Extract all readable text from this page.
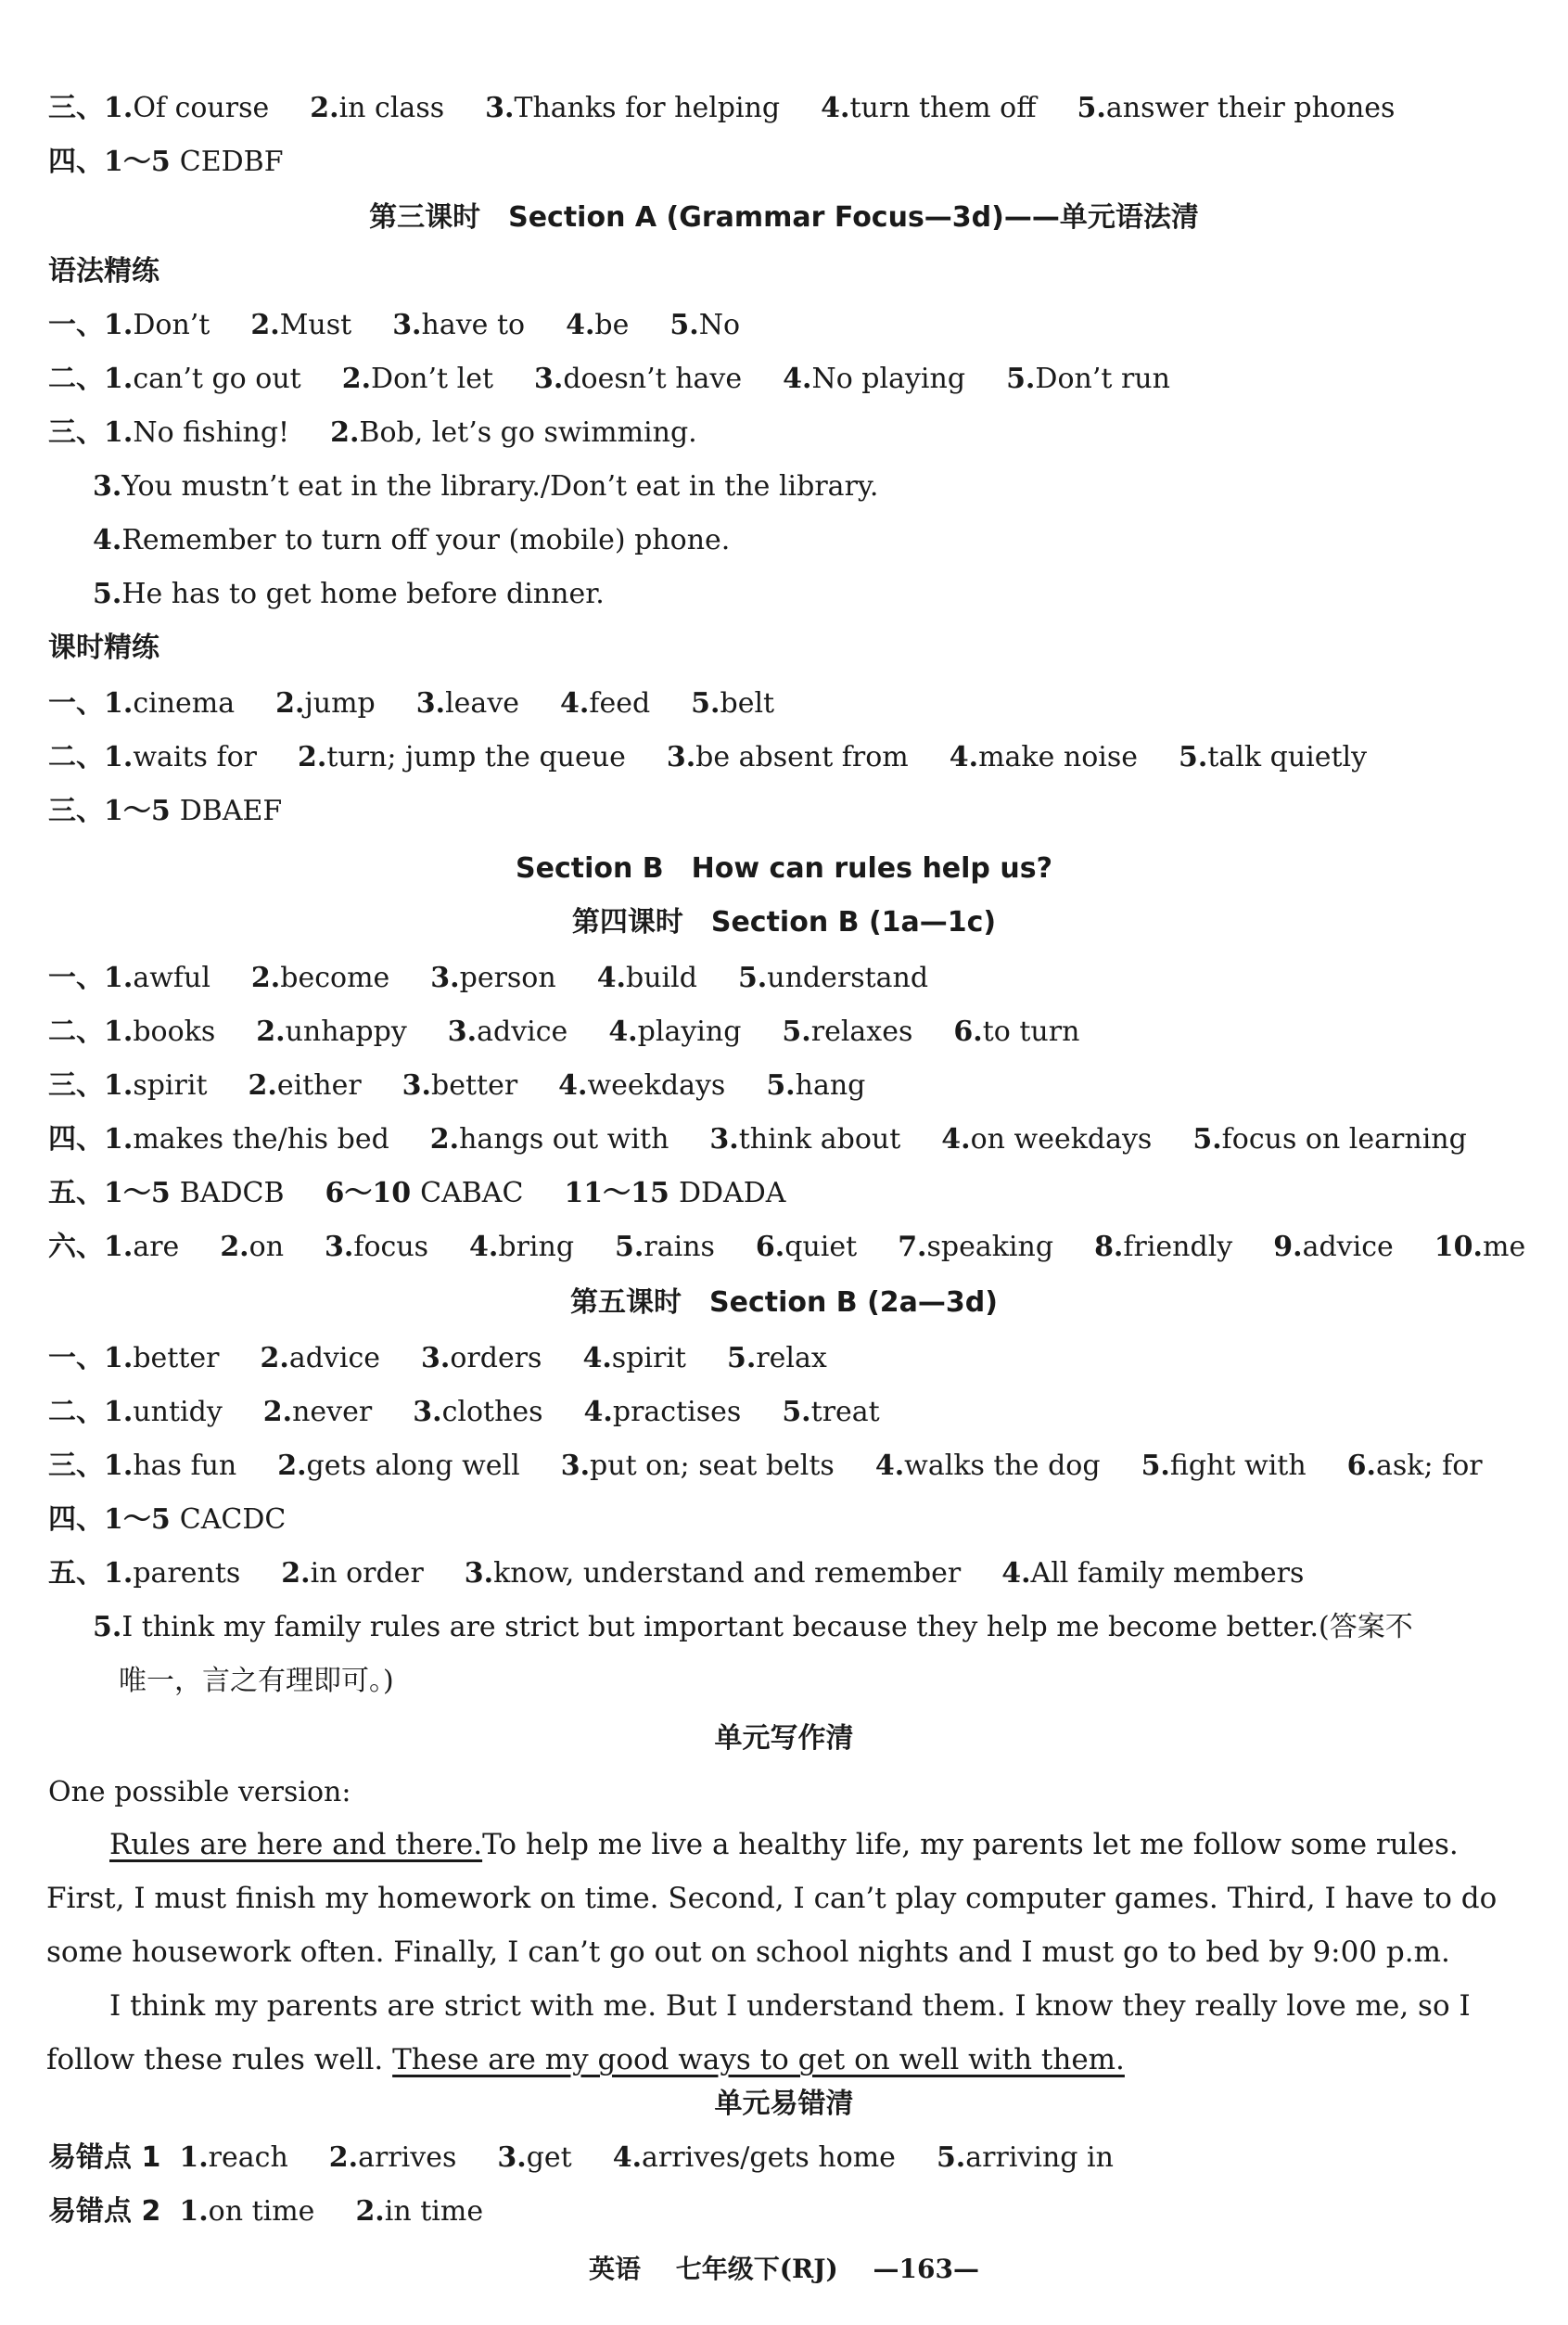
三、1.Of course 2.in class 3.Thanks for helping 4.turn them off 5.answer their phones
四、1～5 CEDBF
第三课时　Section A (Grammar Focus—3d)——单元语法清
语法精练
一、1.Don’t 2.Must 3.have to 4.be 5.No
二、1.can’t go out 2.Don’t let 3.doesn’t have 4.No playing 5.Don’t run
三、1.No fishing! 2.Bob, let’s go swimming.
3.You mustn’t eat in the library./Don’t eat in the library.
4.Remember to turn off your (mobile) phone.
5.He has to get home before dinner.
课时精练
一、1.cinema 2.jump 3.leave 4.feed 5.belt
二、1.waits for 2.turn; jump the queue 3.be absent from 4.make noise 5.talk quietly
三、1～5 DBAEF
Section B　How can rules help us?
第四课时　Section B (1a—1c)
一、1.awful 2.become 3.person 4.build 5.understand
二、1.books 2.unhappy 3.advice 4.playing 5.relaxes 6.to turn
三、1.spirit 2.either 3.better 4.weekdays 5.hang
四、1.makes the/his bed 2.hangs out with 3.think about 4.on weekdays 5.focus on learning
五、1～5 BADCB 6～10 CABAC 11～15 DDADA
六、1.are 2.on 3.focus 4.bring 5.rains 6.quiet 7.speaking 8.friendly 9.advice 10.me
第五课时　Section B (2a—3d)
一、1.better 2.advice 3.orders 4.spirit 5.relax
二、1.untidy 2.never 3.clothes 4.practises 5.treat
三、1.has fun 2.gets along well 3.put on; seat belts 4.walks the dog 5.fight with 6.ask; for
四、1～5 CACDC
五、1.parents 2.in order 3.know, understand and remember 4.All family members
5.I think my family rules are strict but important because they help me become better.(答案不
唯一，言之有理即可。)
单元写作清
One possible version:

Rules are here and there.To help me live a healthy life, my parents let me follow some rules. First, I must finish my homework on time. Second, I can’t play computer games. Third, I have to do some housework often. Finally, I can’t go out on school nights and I must go to bed by 9:00 p.m.

I think my parents are strict with me. But I understand them. I know they really love me, so I follow these rules well. These are my good ways to get on well with them.

单元易错清
易错点 1 1.reach 2.arrives 3.get 4.arrives/gets home 5.arriving in
易错点 2 1.on time 2.in time
英语 七年级下(RJ) —163—
